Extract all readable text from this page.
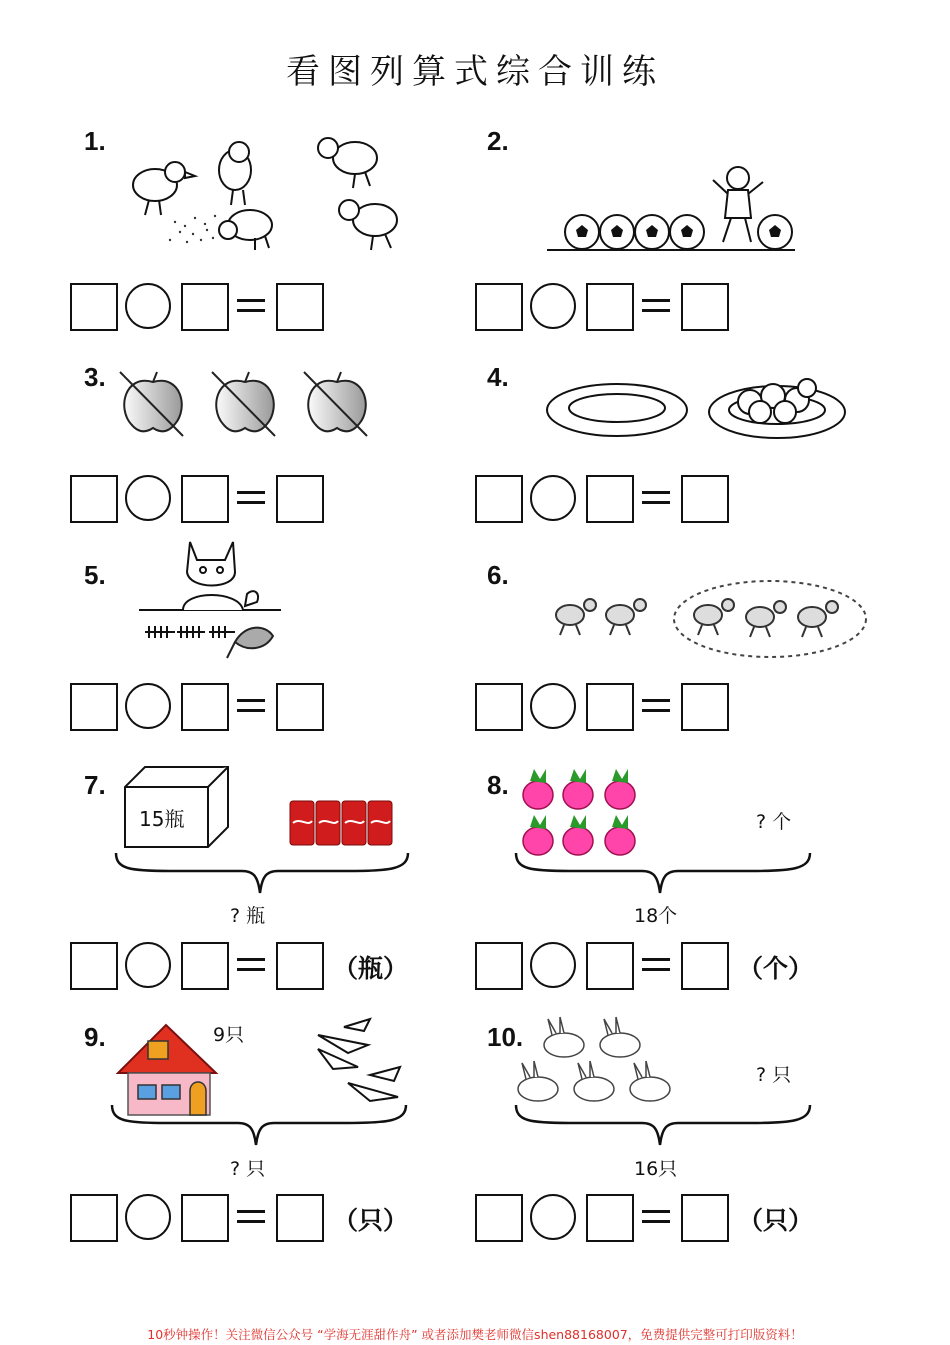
看图列算式综合训练
1.	2.
3.	4.
5.	6.
7.	8.
9.	10.
15瓶
? 瓶
? 个
18个
9只
? 只
? 只
16只
（瓶）	（个）
（只）	（只）
10秒钟操作！关注微信公众号 “学海无涯甜作舟” 或者添加樊老师微信shen88168007，免费提供完整可打印版资料！
